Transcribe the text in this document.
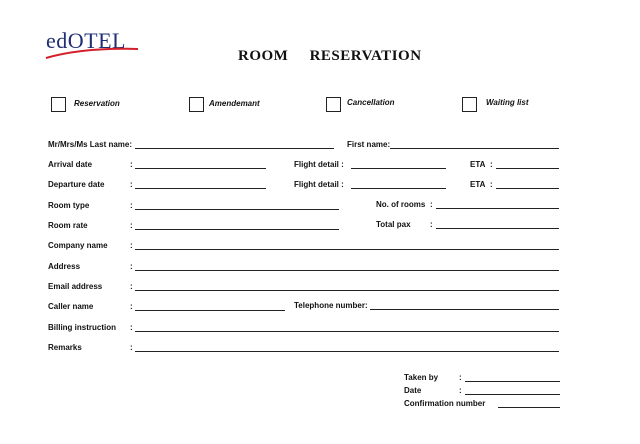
edOTEL
ROOM     RESERVATION
Reservation	Amendemant	Cancellation	Waiting list
Mr/Mrs/Ms Last name:	First name:
Arrival date	:	Flight detail :	ETA :
Departure date	:	Flight detail :	ETA :
Room type	:	No. of rooms :
Room rate	:	Total pax :
Company name	:
Address	:
Email address	:
Caller name	:	Telephone number:
Billing instruction :
Remarks	:
Taken by	:
Date	:
Confirmation number
